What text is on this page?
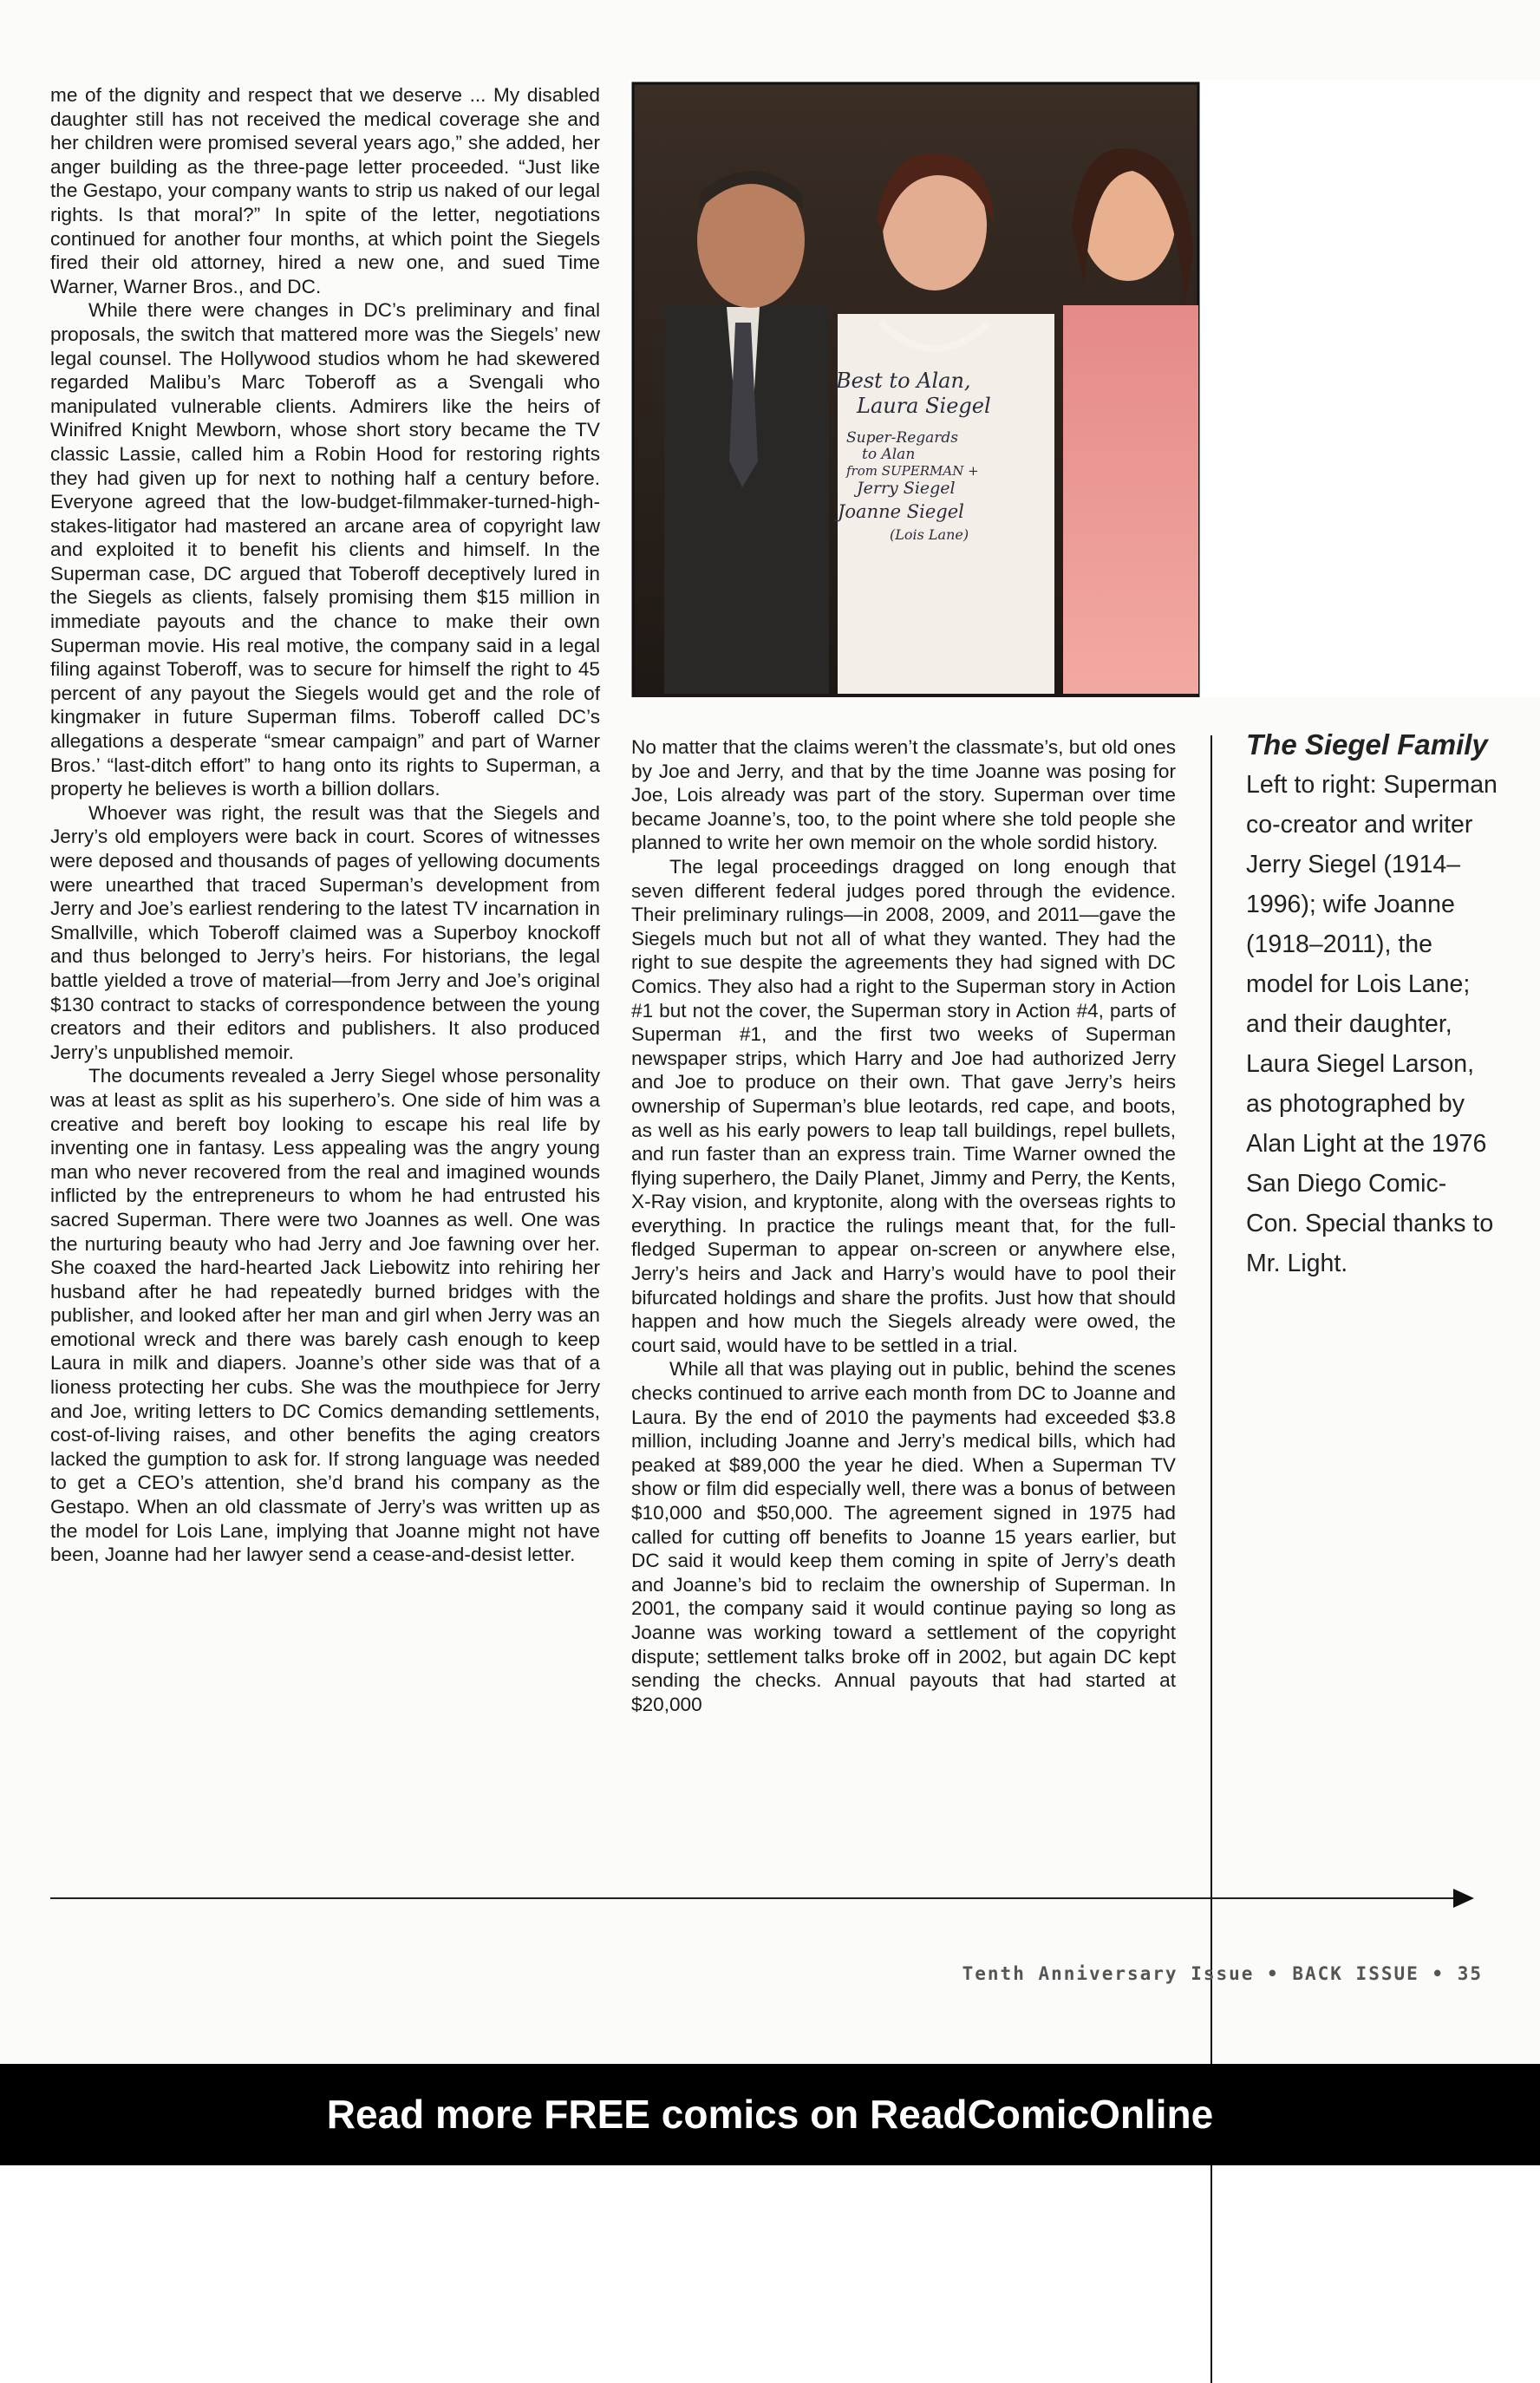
me of the dignity and respect that we deserve ... My disabled daughter still has not received the medical coverage she and her children were promised several years ago,” she added, her anger building as the three-page letter proceeded. “Just like the Gestapo, your company wants to strip us naked of our legal rights. Is that moral?” In spite of the letter, negotiations continued for another four months, at which point the Siegels fired their old attorney, hired a new one, and sued Time Warner, Warner Bros., and DC.

While there were changes in DC’s preliminary and final proposals, the switch that mattered more was the Siegels’ new legal counsel. The Hollywood studios whom he had skewered regarded Malibu’s Marc Toberoff as a Svengali who manipulated vulnerable clients. Admirers like the heirs of Winifred Knight Mewborn, whose short story became the TV classic Lassie, called him a Robin Hood for restoring rights they had given up for next to nothing half a century before. Everyone agreed that the low-budget-filmmaker-turned-high-stakes-litigator had mastered an arcane area of copyright law and exploited it to benefit his clients and himself. In the Superman case, DC argued that Toberoff deceptively lured in the Siegels as clients, falsely promising them $15 million in immediate payouts and the chance to make their own Superman movie. His real motive, the company said in a legal filing against Toberoff, was to secure for himself the right to 45 percent of any payout the Siegels would get and the role of kingmaker in future Superman films. Toberoff called DC’s allegations a desperate “smear campaign” and part of Warner Bros.’ “last-ditch effort” to hang onto its rights to Superman, a property he believes is worth a billion dollars.

Whoever was right, the result was that the Siegels and Jerry’s old employers were back in court. Scores of witnesses were deposed and thousands of pages of yellowing documents were unearthed that traced Superman’s development from Jerry and Joe’s earliest rendering to the latest TV incarnation in Smallville, which Toberoff claimed was a Superboy knockoff and thus belonged to Jerry’s heirs. For historians, the legal battle yielded a trove of material—from Jerry and Joe’s original $130 contract to stacks of correspondence between the young creators and their editors and publishers. It also produced Jerry’s unpublished memoir.

The documents revealed a Jerry Siegel whose personality was at least as split as his superhero’s. One side of him was a creative and bereft boy looking to escape his real life by inventing one in fantasy. Less appealing was the angry young man who never recovered from the real and imagined wounds inflicted by the entrepreneurs to whom he had entrusted his sacred Superman. There were two Joannes as well. One was the nurturing beauty who had Jerry and Joe fawning over her. She coaxed the hard-hearted Jack Liebowitz into rehiring her husband after he had repeatedly burned bridges with the publisher, and looked after her man and girl when Jerry was an emotional wreck and there was barely cash enough to keep Laura in milk and diapers. Joanne’s other side was that of a lioness protecting her cubs. She was the mouthpiece for Jerry and Joe, writing letters to DC Comics demanding settlements, cost-of-living raises, and other benefits the aging creators lacked the gumption to ask for. If strong language was needed to get a CEO’s attention, she’d brand his company as the Gestapo. When an old classmate of Jerry’s was written up as the model for Lois Lane, implying that Joanne might not have been, Joanne had her lawyer send a cease-and-desist letter.

Best to Alan,
Laura Siegel
Super-Regards
to Alan
from SUPERMAN +
Jerry Siegel
Joanne Siegel
(Lois Lane)

No matter that the claims weren’t the classmate’s, but old ones by Joe and Jerry, and that by the time Joanne was posing for Joe, Lois already was part of the story. Superman over time became Joanne’s, too, to the point where she told people she planned to write her own memoir on the whole sordid history.

The legal proceedings dragged on long enough that seven different federal judges pored through the evidence. Their preliminary rulings—in 2008, 2009, and 2011—gave the Siegels much but not all of what they wanted. They had the right to sue despite the agreements they had signed with DC Comics. They also had a right to the Superman story in Action #1 but not the cover, the Superman story in Action #4, parts of Superman #1, and the first two weeks of Superman newspaper strips, which Harry and Joe had authorized Jerry and Joe to produce on their own. That gave Jerry’s heirs ownership of Superman’s blue leotards, red cape, and boots, as well as his early powers to leap tall buildings, repel bullets, and run faster than an express train. Time Warner owned the flying superhero, the Daily Planet, Jimmy and Perry, the Kents, X-Ray vision, and kryptonite, along with the overseas rights to everything. In practice the rulings meant that, for the full-fledged Superman to appear on-screen or anywhere else, Jerry’s heirs and Jack and Harry’s would have to pool their bifurcated holdings and share the profits. Just how that should happen and how much the Siegels already were owed, the court said, would have to be settled in a trial.

While all that was playing out in public, behind the scenes checks continued to arrive each month from DC to Joanne and Laura. By the end of 2010 the payments had exceeded $3.8 million, including Joanne and Jerry’s medical bills, which had peaked at $89,000 the year he died. When a Superman TV show or film did especially well, there was a bonus of between $10,000 and $50,000. The agreement signed in 1975 had called for cutting off benefits to Joanne 15 years earlier, but DC said it would keep them coming in spite of Jerry’s death and Joanne’s bid to reclaim the ownership of Superman. In 2001, the company said it would continue paying so long as Joanne was working toward a settlement of the copyright dispute; settlement talks broke off in 2002, but again DC kept sending the checks. Annual payouts that had started at $20,000

The Siegel Family
Left to right: Superman co-creator and writer Jerry Siegel (1914–1996); wife Joanne (1918–2011), the model for Lois Lane; and their daughter, Laura Siegel Larson, as photographed by Alan Light at the 1976 San Diego Comic-Con. Special thanks to Mr. Light.
Tenth Anniversary Issue • BACK ISSUE • 35
Read more FREE comics on ReadComicOnline
